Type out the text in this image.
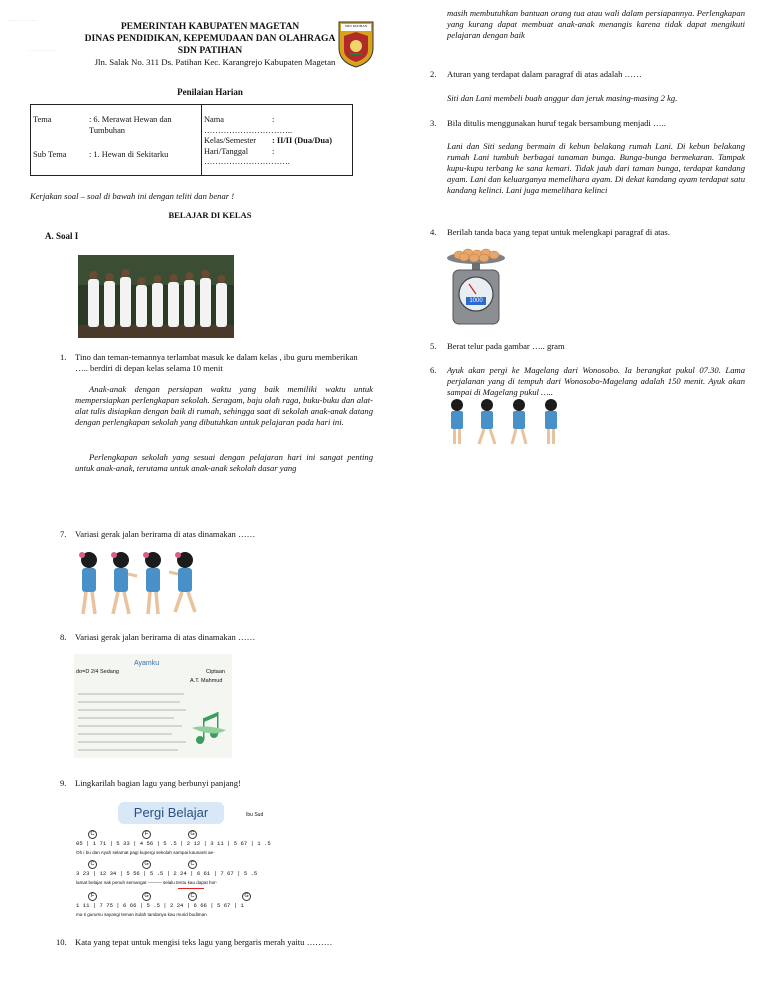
………………
………………
PEMERINTAH KABUPATEN MAGETAN
DINAS PENDIDIKAN, KEPEMUDAAN DAN OLAHRAGA
SDN PATIHAN
Jln. Salak No. 311 Ds. Patihan Kec. Karangrejo Kabupaten Magetan
SDN PATIHAN
Penilaian Harian
Tema	: 6. Merawat Hewan dan Tumbuhan
Sub Tema	: 1. Hewan di Sekitarku
Nama	:
…………………………..	
Kelas/Semester	: II/II (Dua/Dua)
Hari/Tanggal	:
………………………….	
Kerjakan soal – soal di bawah ini dengan teliti dan benar !
BELAJAR DI KELAS
A. Soal I
1. Tino dan teman-temannya terlambat masuk ke dalam kelas , ibu guru memberikan ….. berdiri di depan kelas selama 10 menit
Anak-anak dengan persiapan waktu yang baik memiliki waktu untuk mempersiapkan perlengkapan sekolah. Seragam, baju olah raga, buku-buku dan alat-alat tulis disiapkan dengan baik di rumah, sehingga saat di sekolah anak-anak datang dengan perlengkapan sekolah yang dibutuhkan untuk pelajaran pada hari ini.
Perlengkapan sekolah yang sesuai dengan pelajaran hari ini sangat penting untuk anak-anak, terutama untuk anak-anak sekolah dasar yang
masih membutuhkan bantuan orang tua atau wali dalam persiapannya. Perlengkapan yang kurang dapat membuat anak-anak menangis karena tidak dapat mengikuti pelajaran dengan baik
2. Aturan yang terdapat dalam paragraf di atas adalah ……
Siti dan Lani membeli buah anggur dan jeruk masing-masing 2 kg.
3. Bila ditulis menggunakan huruf tegak bersambung menjadi …..
Lani dan Siti sedang bermain di kebun belakang rumah Lani. Di kebun belakang rumah Lani tumbuh berbagai tanaman bunga. Bunga-bunga bermekaran. Tampak kupu-kupu terbang ke sana kemari. Tidak jauh dari taman bunga, terdapat kandang ayam. Lani dan keluarganya memelihara ayam. Di dekat kandang ayam terdapat satu kandang kelinci. Lani juga memelihara kelinci
4. Berilah tanda baca yang tepat untuk melengkapi paragraf di atas.
1000
5. Berat telur pada gambar ….. gram
6. Ayuk akan pergi ke Magelang dari Wonosobo. Ia berangkat pukul 07.30. Lama perjalanan yang di tempuh dari Wonosobo-Magelang adalah 150 menit. Ayuk akan sampai di Magelang pukul …..
7. Variasi gerak jalan berirama di atas dinamakan ……
8. Variasi gerak jalan berirama di atas dinamakan ……
Ayamku
do=D 2/4 Sedang	Ciptaan
A.T. Mahmud
9. Lingkarilah bagian lagu yang berbunyi panjang!
Pergi Belajar	Ibu Sud
05 | 1 71 | 5 33 | 4 56 | 5 .5 | 2 12 | 3 11 | 5 67 | 1 .5
Oh i bu dan Ayah selamat pagi kupergi sekolah sampai kaunanti ae-
3 23 | 12 34 | 5 56 | 5 .5 | 2 24 | 6 61 | 7 67 | 5 .5
lamat belajar nak penuh semangat ——— selalu tentu kau dapat hor-
1 11 | 7 75 | 6 66 | 5 .5 | 2 24 | 6 66 | 5 67 | 1
ma ti gurumu sayangi teman itulah tandanya kau murid budiman
C	F	G
C	G	C
F	G	C	G
10. Kata yang tepat untuk mengisi teks lagu yang bergaris merah yaitu ………
